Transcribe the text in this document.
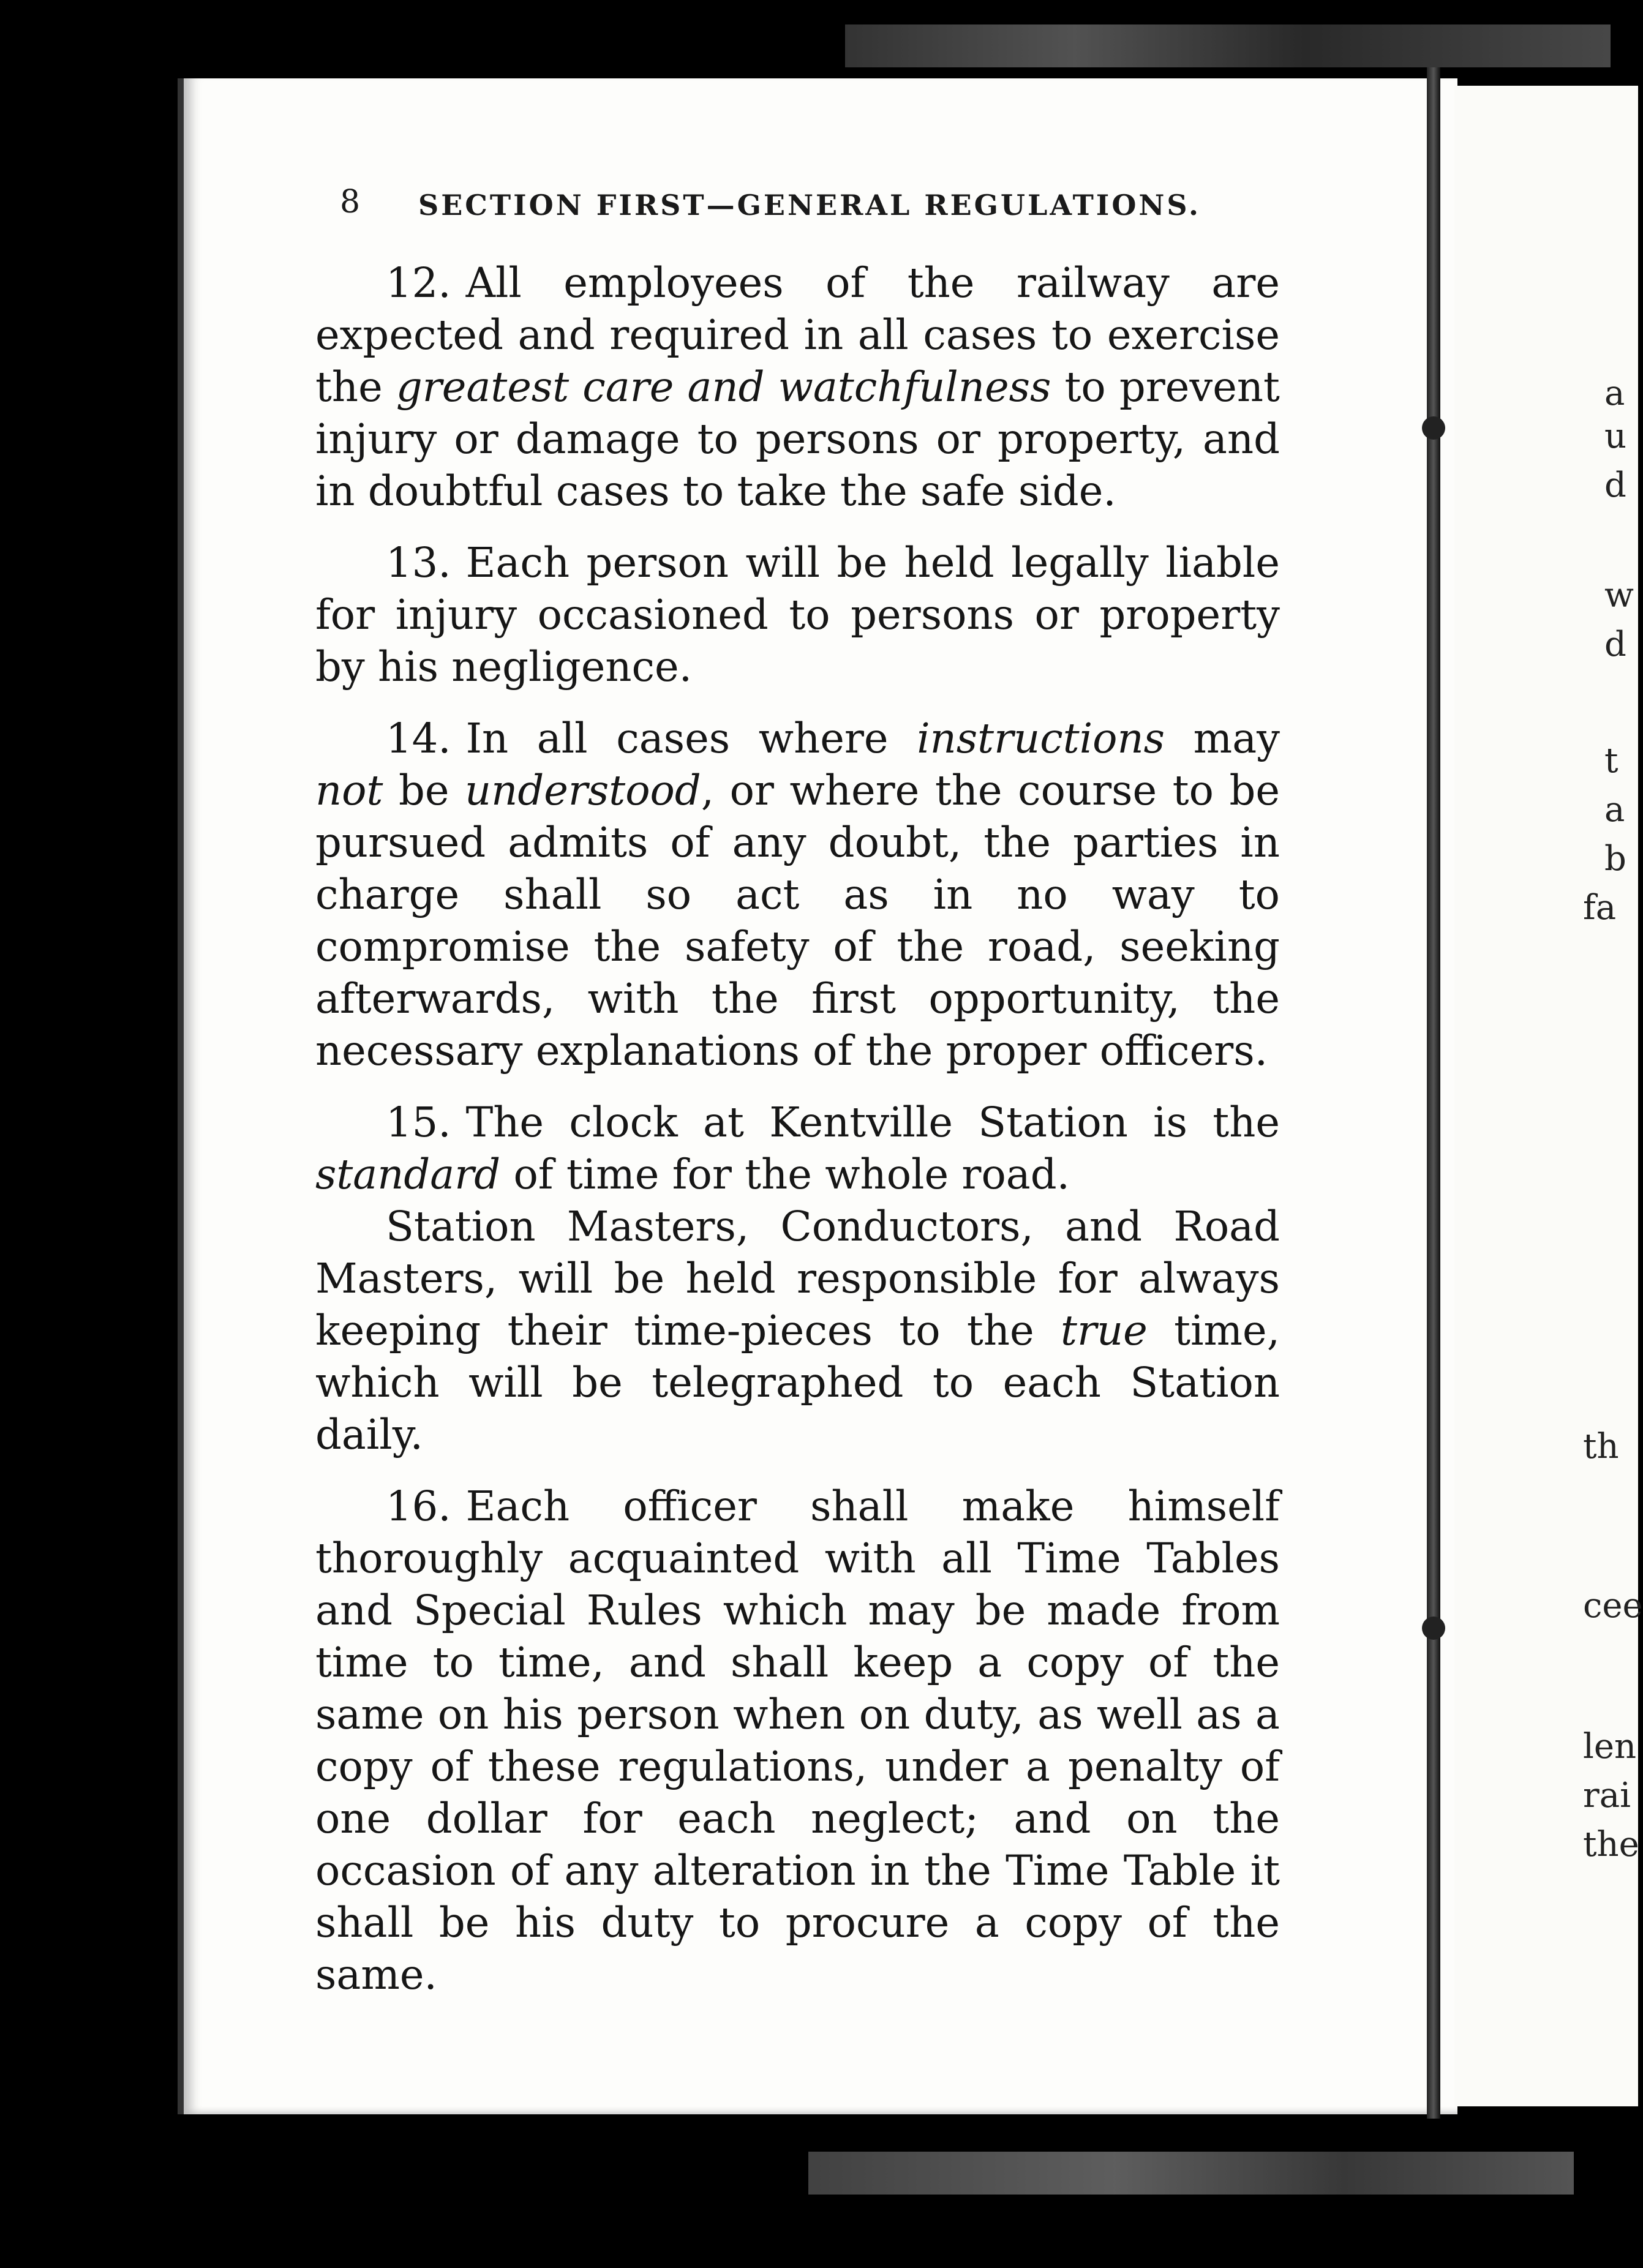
8 SECTION FIRST—GENERAL REGULATIONS.

12. All employees of the railway are expected and required in all cases to exercise the greatest care and watchfulness to prevent injury or damage to persons or property, and in doubtful cases to take the safe side.

13. Each person will be held legally liable for injury occasioned to persons or property by his negligence.

14. In all cases where instructions may not be understood, or where the course to be pursued admits of any doubt, the parties in charge shall so act as in no way to compromise the safety of the road, seeking afterwards, with the first opportunity, the necessary explanations of the proper officers.

15. The clock at Kentville Station is the standard of time for the whole road.

Station Masters, Conductors, and Road Masters, will be held responsible for always keeping their time-pieces to the true time, which will be telegraphed to each Station daily.

16. Each officer shall make himself thoroughly acquainted with all Time Tables and Special Rules which may be made from time to time, and shall keep a copy of the same on his person when on duty, as well as a copy of these regulations, under a penalty of one dollar for each neglect; and on the occasion of any alteration in the Time Table it shall be his duty to procure a copy of the same.

a
u
d
w
d
t
a
b
fa
th
cee
len
rai
the
